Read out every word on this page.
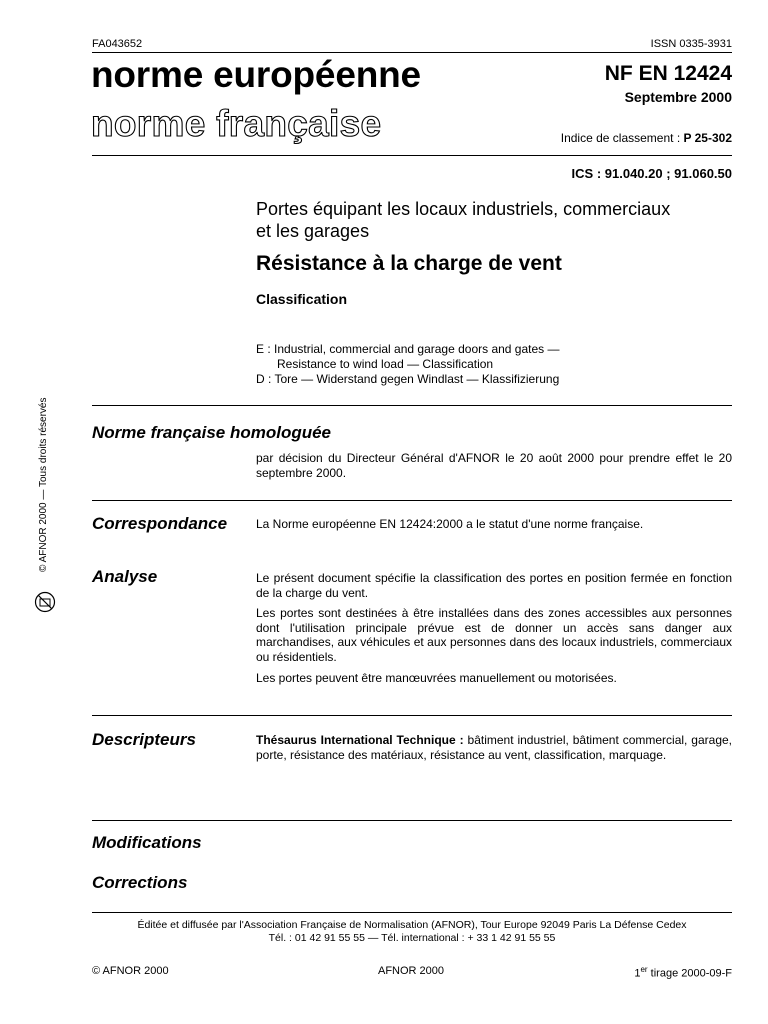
FA043652	ISSN 0335-3931
norme européenne
norme française
NF EN 12424
Septembre 2000
Indice de classement : P 25-302
ICS : 91.040.20 ; 91.060.50
Portes équipant les locaux industriels, commerciaux et les garages
Résistance à la charge de vent
Classification
E : Industrial, commercial and garage doors and gates —
Resistance to wind load — Classification
D : Tore — Widerstand gegen Windlast — Klassifizierung
© AFNOR 2000 — Tous droits réservés	Norme française homologuée
par décision du Directeur Général d'AFNOR le 20 août 2000 pour prendre effet le 20 septembre 2000.
Correspondance La Norme européenne EN 12424:2000 a le statut d'une norme française.
Analyse	Le présent document spécifie la classification des portes en position fermée en fonction de la charge du vent.

Les portes sont destinées à être installées dans des zones accessibles aux personnes dont l'utilisation principale prévue est de donner un accès sans danger aux marchandises, aux véhicules et aux personnes dans des locaux industriels, commerciaux ou résidentiels.

Les portes peuvent être manœuvrées manuellement ou motorisées.

Descripteurs	Thésaurus International Technique : bâtiment industriel, bâtiment commercial, garage, porte, résistance des matériaux, résistance au vent, classification, marquage.
Modifications
Corrections
Éditée et diffusée par l'Association Française de Normalisation (AFNOR), Tour Europe 92049 Paris La Défense Cedex
Tél. : 01 42 91 55 55 — Tél. international : + 33 1 42 91 55 55
© AFNOR 2000	AFNOR 2000	1er tirage 2000-09-F
